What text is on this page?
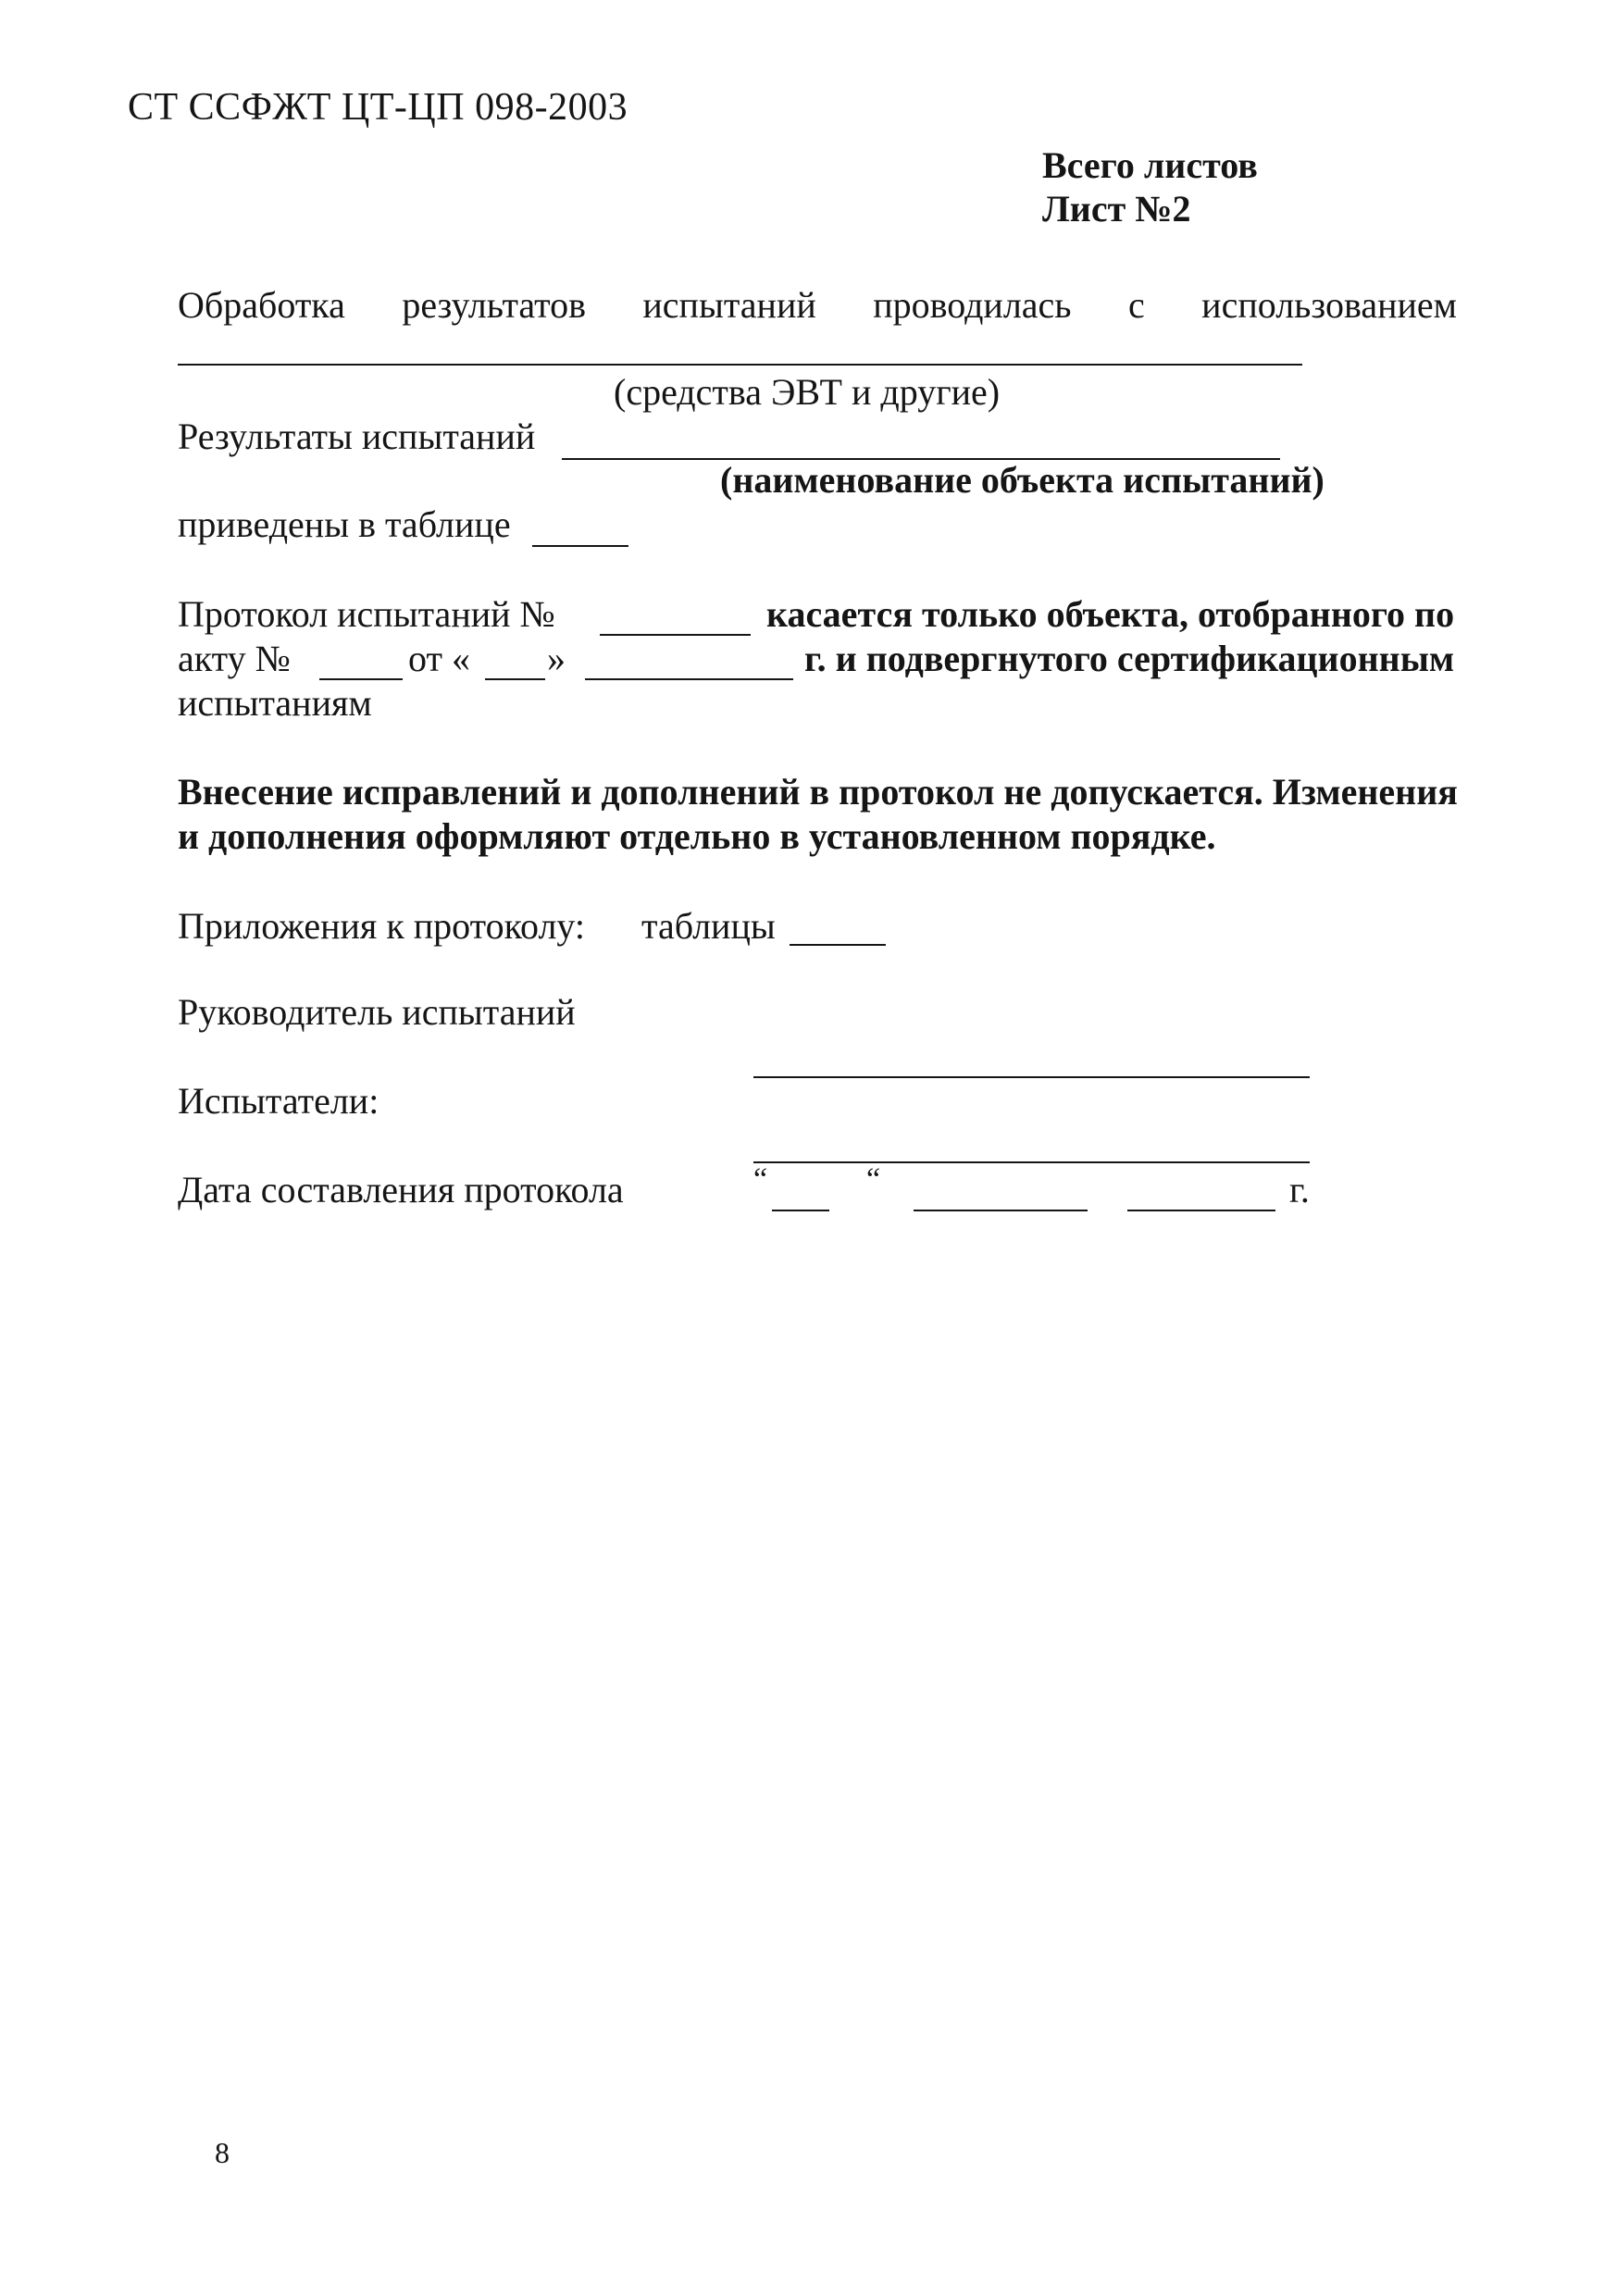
СТ ССФЖТ ЦТ-ЦП 098-2003
Всего листов
Лист №2
Обработка результатов испытаний проводилась с использованием
(средства ЭВТ и другие)
Результаты испытаний
(наименование объекта испытаний)
приведены в таблице
Протокол испытаний №	касается только объекта, отобранного по
акту №	от « »	г. и подвергнутого сертификационным
испытаниям
Внесение исправлений и дополнений в протокол не допускается. Изменения
и дополнения оформляют отдельно в установленном порядке.
Приложения к протоколу: таблицы
Руководитель испытаний
Испытатели:
Дата составления протокола	“	“	г.
8
